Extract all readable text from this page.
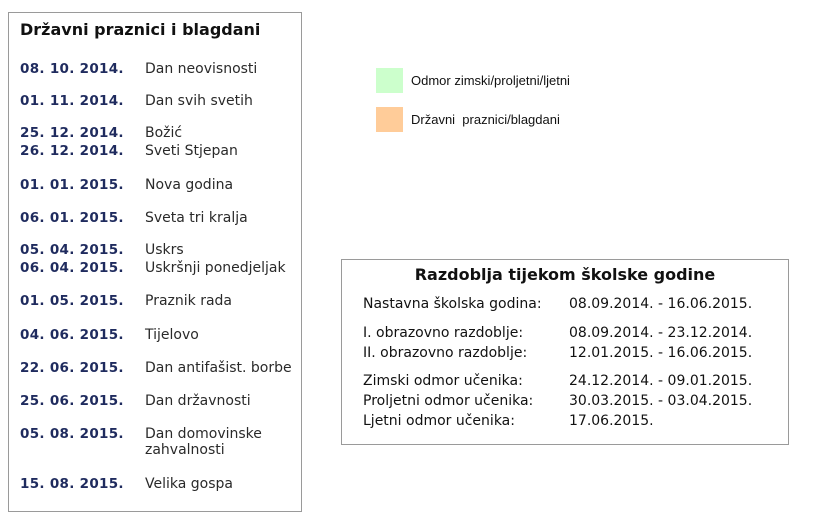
Državni praznici i blagdani
08. 10. 2014. Dan neovisnosti
01. 11. 2014. Dan svih svetih
25. 12. 2014. Božić
26. 12. 2014. Sveti Stjepan
01. 01. 2015. Nova godina
06. 01. 2015. Sveta tri kralja
05. 04. 2015. Uskrs
06. 04. 2015. Uskršnji ponedjeljak
01. 05. 2015. Praznik rada
04. 06. 2015. Tijelovo
22. 06. 2015. Dan antifašist. borbe
25. 06. 2015. Dan državnosti
05. 08. 2015. Dan domovinske zahvalnosti
15. 08. 2015. Velika gospa
Odmor zimski/proljetni/ljetni
Državni  praznici/blagdani
Razdoblja tijekom školske godine
Nastavna školska godina: 08.09.2014. - 16.06.2015.
I. obrazovno razdoblje:	08.09.2014. - 23.12.2014.
II. obrazovno razdoblje:	12.01.2015. - 16.06.2015.
Zimski odmor učenika:	24.12.2014. - 09.01.2015.
Proljetni odmor učenika:	30.03.2015. - 03.04.2015.
Ljetni odmor učenika:	17.06.2015.
